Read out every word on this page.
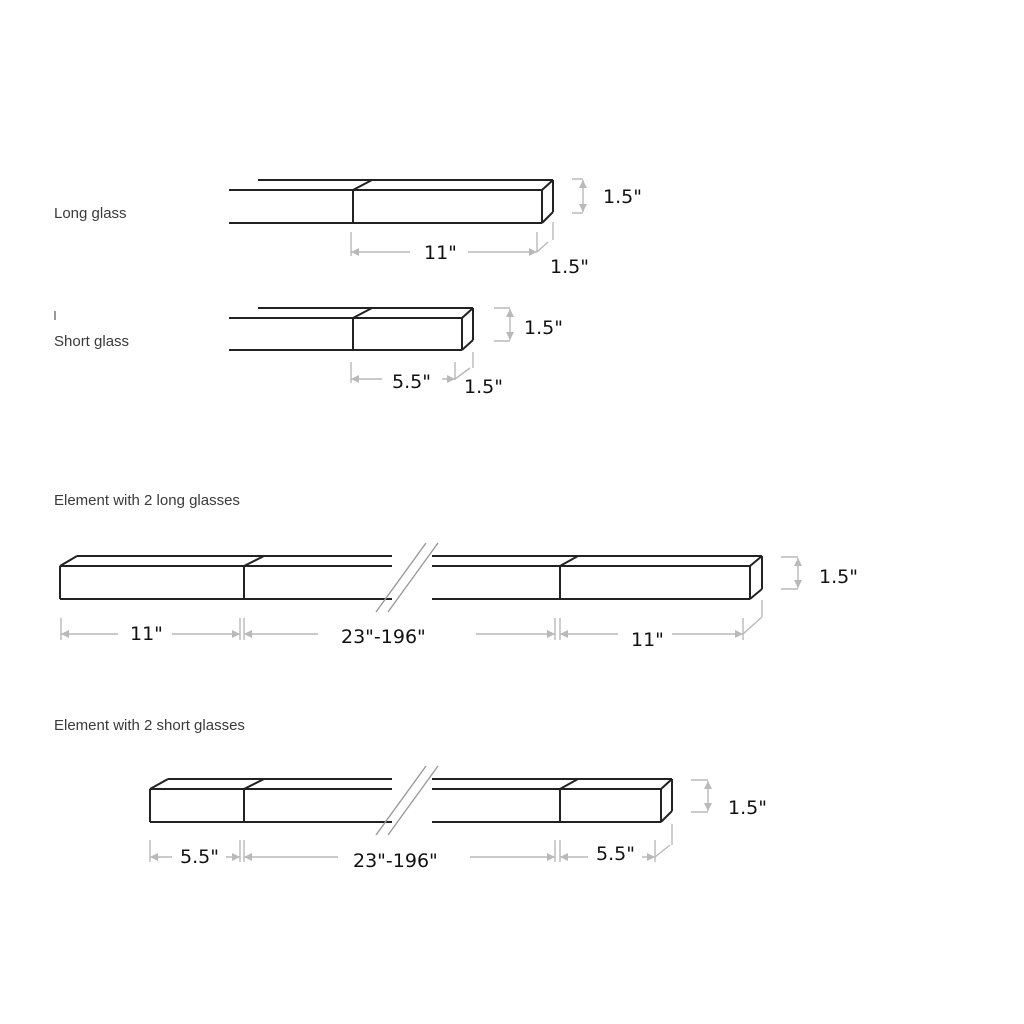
Long glass
1.5"
11"
1.5"
Short glass
1.5"
5.5" 1.5"
Element with 2 long glasses
1.5"
11"	23"-196"	11"
Element with 2 short glasses
1.5"
5.5"	23"-196"	5.5"
